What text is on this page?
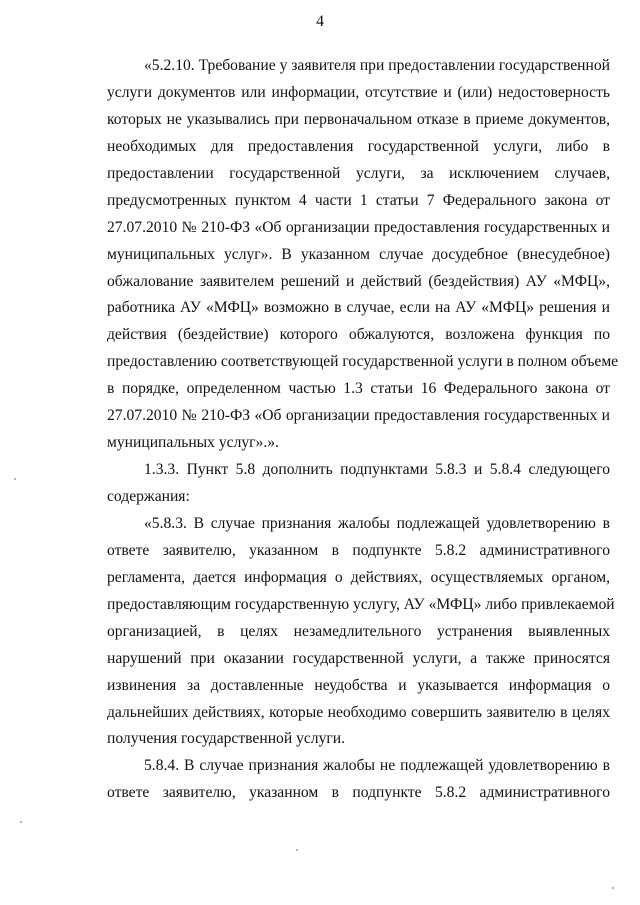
4
«5.2.10. Требование у заявителя при предоставлении государственной
услуги документов или информации, отсутствие и (или) недостоверность
которых не указывались при первоначальном отказе в приеме документов,
необходимых для предоставления государственной услуги, либо в
предоставлении государственной услуги, за исключением случаев,
предусмотренных пунктом 4 части 1 статьи 7 Федерального закона от
27.07.2010 № 210-ФЗ «Об организации предоставления государственных и
муниципальных услуг». В указанном случае досудебное (внесудебное)
обжалование заявителем решений и действий (бездействия) АУ «МФЦ»,
работника АУ «МФЦ» возможно в случае, если на АУ «МФЦ» решения и
действия (бездействие) которого обжалуются, возложена функция по
предоставлению соответствующей государственной услуги в полном объеме
в порядке, определенном частью 1.3 статьи 16 Федерального закона от
27.07.2010 № 210-ФЗ «Об организации предоставления государственных и
муниципальных услуг».».
1.3.3. Пункт 5.8 дополнить подпунктами 5.8.3 и 5.8.4 следующего
содержания:
«5.8.3. В случае признания жалобы подлежащей удовлетворению в
ответе заявителю, указанном в подпункте 5.8.2 административного
регламента, дается информация о действиях, осуществляемых органом,
предоставляющим государственную услугу, АУ «МФЦ» либо привлекаемой
организацией, в целях незамедлительного устранения выявленных
нарушений при оказании государственной услуги, а также приносятся
извинения за доставленные неудобства и указывается информация о
дальнейших действиях, которые необходимо совершить заявителю в целях
получения государственной услуги.
5.8.4. В случае признания жалобы не подлежащей удовлетворению в
ответе заявителю, указанном в подпункте 5.8.2 административного
